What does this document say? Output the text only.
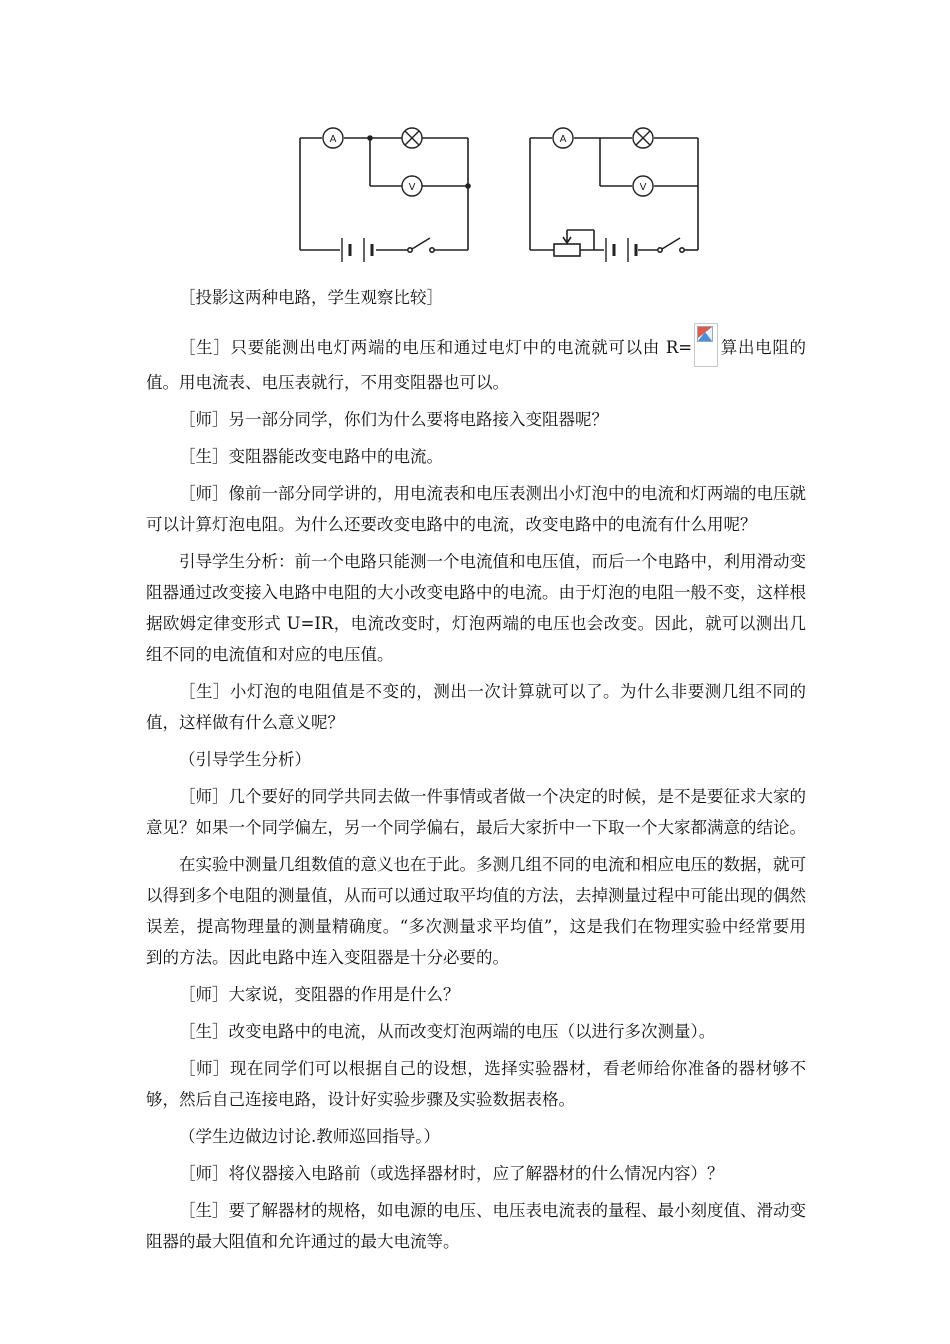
A
V
A
V

［投影这两种电路，学生观察比较］

［生］只要能测出电灯两端的电压和通过电灯中的电流就可以由 R= 算出电阻的值。用电流表、电压表就行，不用变阻器也可以。

［师］另一部分同学，你们为什么要将电路接入变阻器呢？

［生］变阻器能改变电路中的电流。

［师］像前一部分同学讲的，用电流表和电压表测出小灯泡中的电流和灯两端的电压就可以计算灯泡电阻。为什么还要改变电路中的电流，改变电路中的电流有什么用呢？

引导学生分析：前一个电路只能测一个电流值和电压值，而后一个电路中，利用滑动变阻器通过改变接入电路中电阻的大小改变电路中的电流。由于灯泡的电阻一般不变，这样根据欧姆定律变形式 U=IR，电流改变时，灯泡两端的电压也会改变。因此，就可以测出几组不同的电流值和对应的电压值。

［生］小灯泡的电阻值是不变的，测出一次计算就可以了。为什么非要测几组不同的值，这样做有什么意义呢？

（引导学生分析）

［师］几个要好的同学共同去做一件事情或者做一个决定的时候，是不是要征求大家的意见？如果一个同学偏左，另一个同学偏右，最后大家折中一下取一个大家都满意的结论。

在实验中测量几组数值的意义也在于此。多测几组不同的电流和相应电压的数据，就可以得到多个电阻的测量值，从而可以通过取平均值的方法，去掉测量过程中可能出现的偶然误差，提高物理量的测量精确度。“多次测量求平均值”，这是我们在物理实验中经常要用到的方法。因此电路中连入变阻器是十分必要的。

［师］大家说，变阻器的作用是什么？

［生］改变电路中的电流，从而改变灯泡两端的电压（以进行多次测量）。

［师］现在同学们可以根据自己的设想，选择实验器材，看老师给你准备的器材够不够，然后自己连接电路，设计好实验步骤及实验数据表格。

（学生边做边讨论.教师巡回指导。）

［师］将仪器接入电路前（或选择器材时，应了解器材的什么情况内容）？

［生］要了解器材的规格，如电源的电压、电压表电流表的量程、最小刻度值、滑动变阻器的最大阻值和允许通过的最大电流等。
